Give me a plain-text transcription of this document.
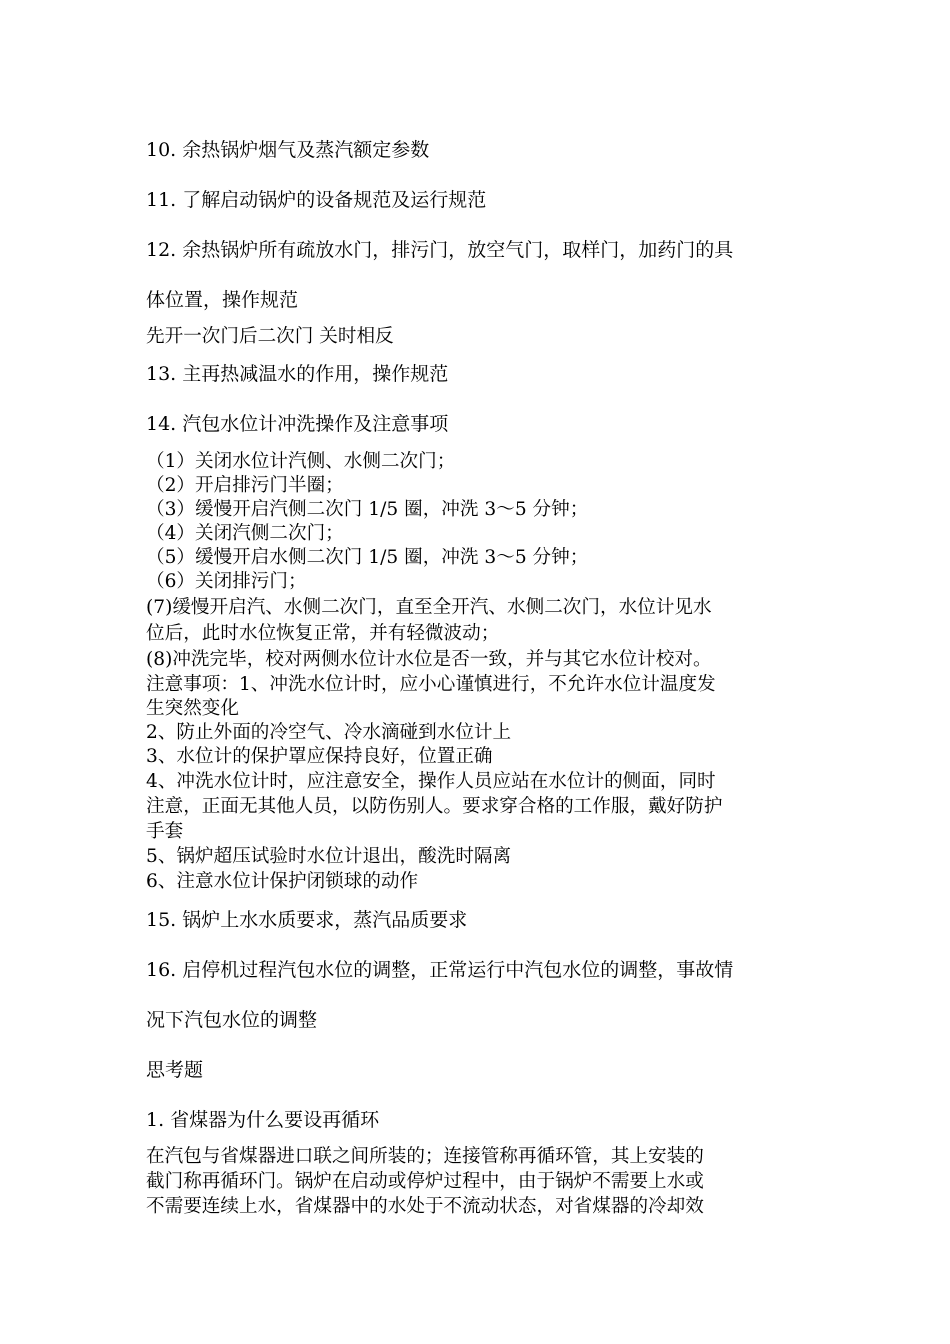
10. 余热锅炉烟气及蒸汽额定参数
11. 了解启动锅炉的设备规范及运行规范
12. 余热锅炉所有疏放水门，排污门，放空气门，取样门，加药门的具
体位置，操作规范
先开一次门后二次门 关时相反
13. 主再热减温水的作用，操作规范
14. 汽包水位计冲洗操作及注意事项
（1）关闭水位计汽侧、水侧二次门；
（2）开启排污门半圈；
（3）缓慢开启汽侧二次门 1/5 圈，冲洗 3～5 分钟；
（4）关闭汽侧二次门；
（5）缓慢开启水侧二次门 1/5 圈，冲洗 3～5 分钟；
（6）关闭排污门；
(7)缓慢开启汽、水侧二次门，直至全开汽、水侧二次门，水位计见水
位后，此时水位恢复正常，并有轻微波动；
(8)冲洗完毕，校对两侧水位计水位是否一致，并与其它水位计校对。
注意事项：1、冲洗水位计时，应小心谨慎进行，不允许水位计温度发
生突然变化
2、防止外面的冷空气、冷水滴碰到水位计上
3、水位计的保护罩应保持良好，位置正确
4、冲洗水位计时，应注意安全，操作人员应站在水位计的侧面，同时
注意，正面无其他人员，以防伤别人。要求穿合格的工作服，戴好防护
手套
5、锅炉超压试验时水位计退出，酸洗时隔离
6、注意水位计保护闭锁球的动作
15. 锅炉上水水质要求，蒸汽品质要求
16. 启停机过程汽包水位的调整，正常运行中汽包水位的调整，事故情
况下汽包水位的调整
思考题
1. 省煤器为什么要设再循环
在汽包与省煤器进口联之间所装的；连接管称再循环管，其上安装的
截门称再循环门。锅炉在启动或停炉过程中，由于锅炉不需要上水或
不需要连续上水，省煤器中的水处于不流动状态，对省煤器的冷却效
